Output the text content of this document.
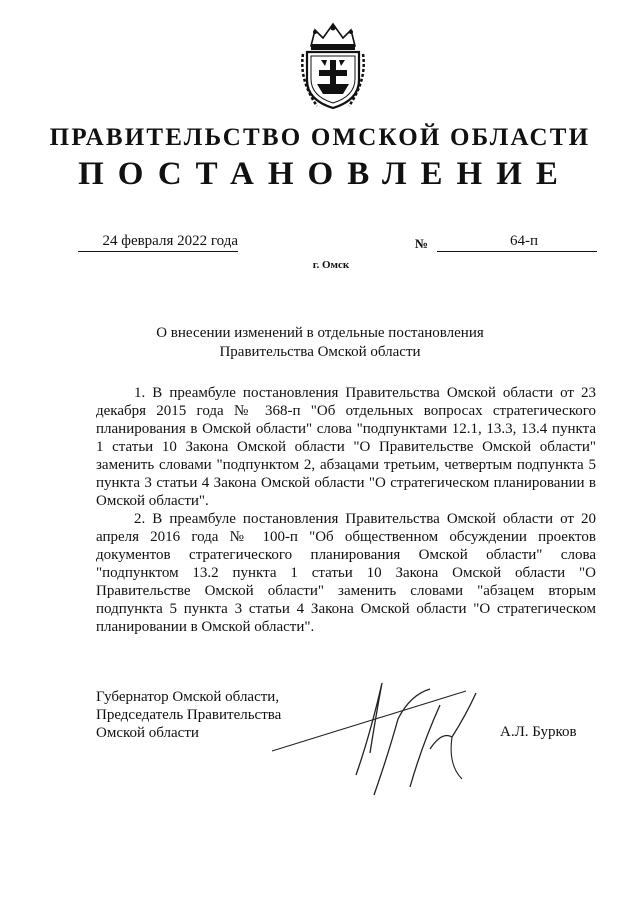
ПРАВИТЕЛЬСТВО ОМСКОЙ ОБЛАСТИ
ПОСТАНОВЛЕНИЕ
24 февраля 2022 года	№	64-п
г. Омск
О внесении изменений в отдельные постановления
Правительства Омской области

1. В преамбуле постановления Правительства Омской области от 23 декабря 2015 года № 368-п "Об отдельных вопросах стратегического планирования в Омской области" слова "подпунктами 12.1, 13.3, 13.4 пункта 1 статьи 10 Закона Омской области "О Правительстве Омской области" заменить словами "подпунктом 2, абзацами третьим, четвертым подпункта 5 пункта 3 статьи 4 Закона Омской области "О стратегическом планировании в Омской области".

2. В преамбуле постановления Правительства Омской области от 20 апреля 2016 года № 100-п "Об общественном обсуждении проектов документов стратегического планирования Омской области" слова "подпунктом 13.2 пункта 1 статьи 10 Закона Омской области "О Правительстве Омской области" заменить словами "абзацем вторым подпункта 5 пункта 3 статьи 4 Закона Омской области "О стратегическом планировании в Омской области".

Губернатор Омской области,
Председатель Правительства
Омской области	А.Л. Бурков
